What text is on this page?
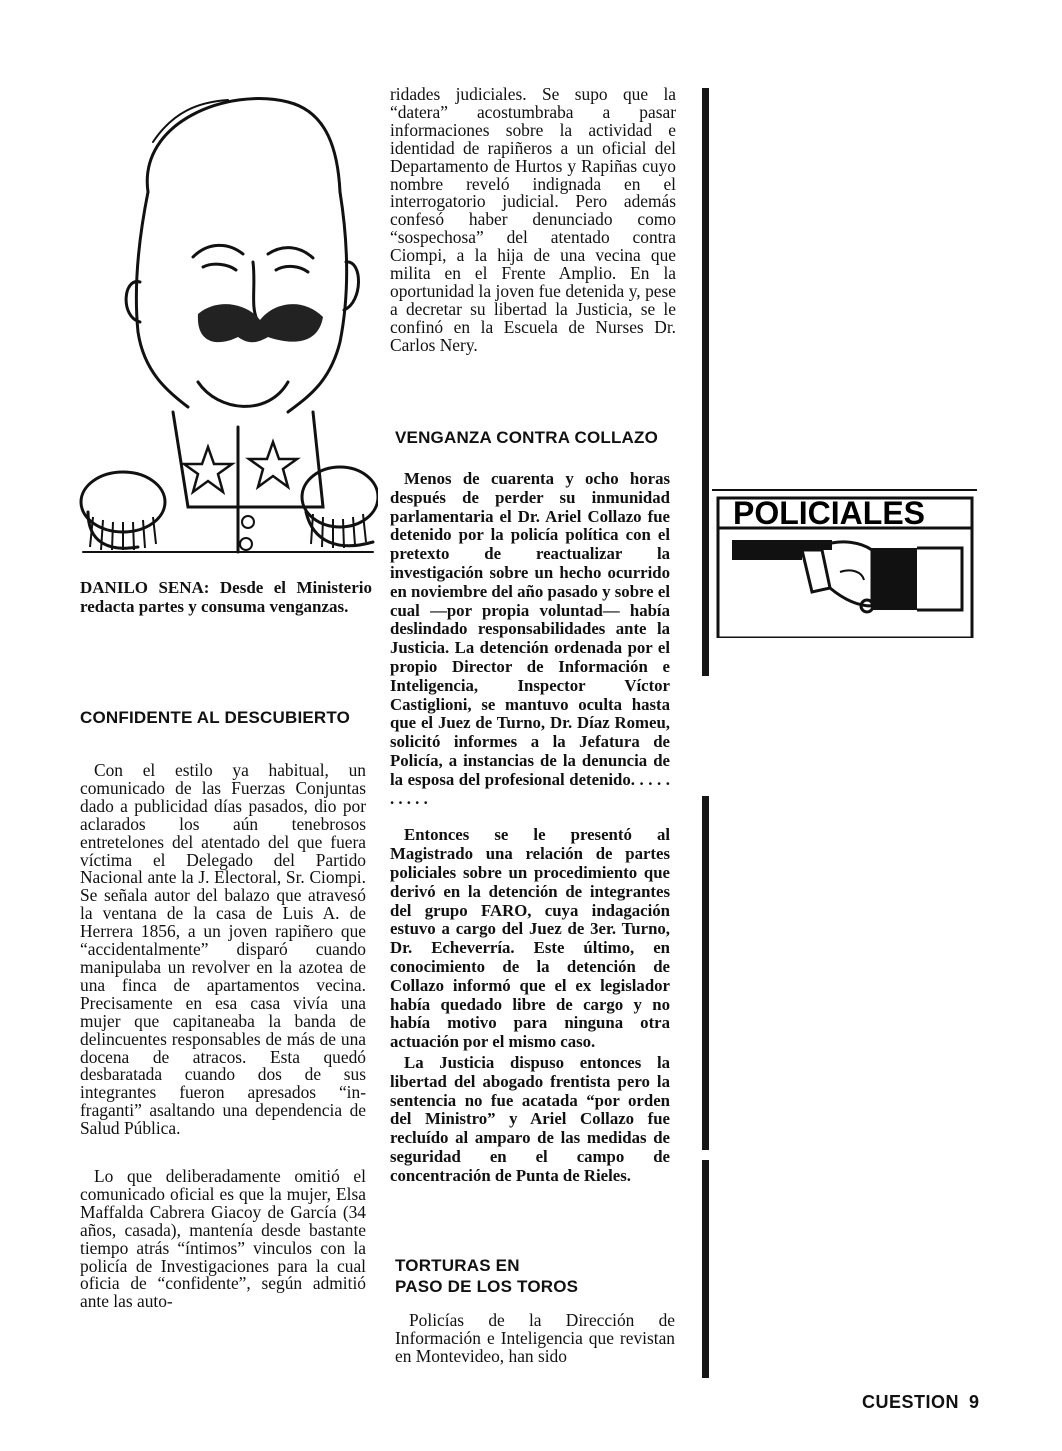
DANILO SENA: Desde el Ministerio redacta partes y consuma venganzas.
CONFIDENTE AL DESCUBIERTO

Con el estilo ya habitual, un comunicado de las Fuerzas Conjuntas dado a publicidad días pasados, dio por aclarados los aún tenebrosos entretelones del atentado del que fuera víctima el Delegado del Partido Nacional ante la J. Electoral, Sr. Ciompi. Se señala autor del balazo que atravesó la ventana de la casa de Luis A. de Herrera 1856, a un joven rapiñero que “accidentalmente” disparó cuando manipulaba un revolver en la azotea de una finca de apartamentos vecina. Precisamente en esa casa vivía una mujer que capitaneaba la banda de delincuentes responsables de más de una docena de atracos. Esta quedó desbaratada cuando dos de sus integrantes fueron apresados “in-fraganti” asaltando una dependencia de Salud Pública.

Lo que deliberadamente omitió el comunicado oficial es que la mujer, Elsa Maffalda Cabrera Giacoy de García (34 años, casada), mantenía desde bastante tiempo atrás “íntimos” vinculos con la policía de Investigaciones para la cual oficia de “confidente”, según admitió ante las auto-

ridades judiciales. Se supo que la “datera” acostumbraba a pasar informaciones sobre la actividad e identidad de rapiñeros a un oficial del Departamento de Hurtos y Rapiñas cuyo nombre reveló indignada en el interrogatorio judicial. Pero además confesó haber denunciado como “sospechosa” del atentado contra Ciompi, a la hija de una vecina que milita en el Frente Amplio. En la oportunidad la joven fue detenida y, pese a decretar su libertad la Justicia, se le confinó en la Escuela de Nurses Dr. Carlos Nery.

VENGANZA CONTRA COLLAZO

Menos de cuarenta y ocho horas después de perder su inmunidad parlamentaria el Dr. Ariel Collazo fue detenido por la policía política con el pretexto de reactualizar la investigación sobre un hecho ocurrido en noviembre del año pasado y sobre el cual —por propia voluntad— había deslindado responsabilidades ante la Justicia. La detención ordenada por el propio Director de Información e Inteligencia, Inspector Víctor Castiglioni, se mantuvo oculta hasta que el Juez de Turno, Dr. Díaz Romeu, solicitó informes a la Jefatura de Policía, a instancias de la denuncia de la esposa del profesional detenido. . . . . . . . . .

Entonces se le presentó al Magistrado una relación de partes policiales sobre un procedimiento que derivó en la detención de integrantes del grupo FARO, cuya indagación estuvo a cargo del Juez de 3er. Turno, Dr. Echeverría. Este último, en conocimiento de la detención de Collazo informó que el ex legislador había quedado libre de cargo y no había motivo para ninguna otra actuación por el mismo caso.

La Justicia dispuso entonces la libertad del abogado frentista pero la sentencia no fue acatada “por orden del Ministro” y Ariel Collazo fue recluído al amparo de las medidas de seguridad en el campo de concentración de Punta de Rieles.

TORTURAS EN
PASO DE LOS TOROS

Policías de la Dirección de Información e Inteligencia que revistan en Montevideo, han sido

POLICIALES
CUESTION 9
